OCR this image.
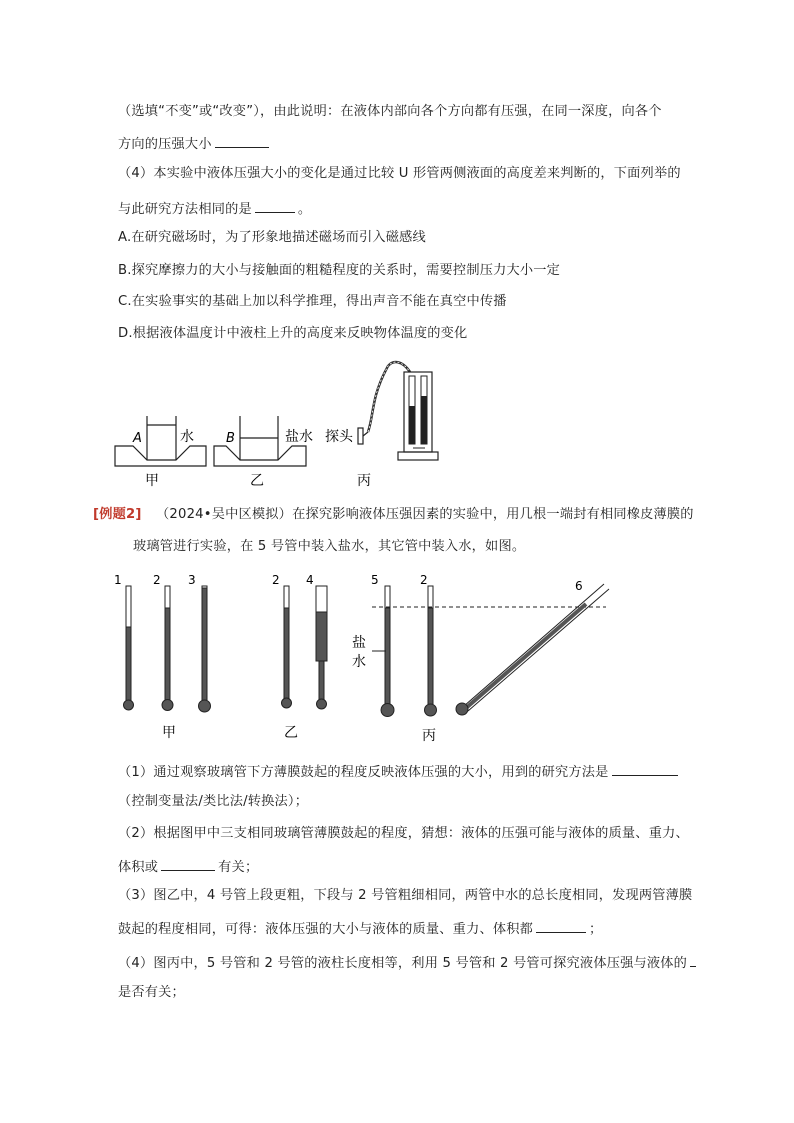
（选填“不变”或“改变”），由此说明：在液体内部向各个方向都有压强，在同一深度，向各个
方向的压强大小
（4）本实验中液体压强大小的变化是通过比较 U 形管两侧液面的高度差来判断的，下面列举的
与此研究方法相同的是	。
A.在研究磁场时，为了形象地描述磁场而引入磁感线
B.探究摩擦力的大小与接触面的粗糙程度的关系时，需要控制压力大小一定
C.在实验事实的基础上加以科学推理，得出声音不能在真空中传播
D.根据液体温度计中液柱上升的高度来反映物体温度的变化
A	水
甲
B	盐水
乙
探头
丙
[例题2] （2024•吴中区模拟）在探究影响液体压强因素的实验中，用几根一端封有相同橡皮薄膜的
玻璃管进行实验，在 5 号管中装入盐水，其它管中装入水，如图。
1	2 3
甲
2 4
乙
5	2	6
盐
水
丙
（1）通过观察玻璃管下方薄膜鼓起的程度反映液体压强的大小，用到的研究方法是
（控制变量法/类比法/转换法）；
（2）根据图甲中三支相同玻璃管薄膜鼓起的程度，猜想：液体的压强可能与液体的质量、重力、
体积或	有关；
（3）图乙中，4 号管上段更粗，下段与 2 号管粗细相同，两管中水的总长度相同，发现两管薄膜
鼓起的程度相同，可得：液体压强的大小与液体的质量、重力、体积都	；
（4）图丙中，5 号管和 2 号管的液柱长度相等，利用 5 号管和 2 号管可探究液体压强与液体的
是否有关；
